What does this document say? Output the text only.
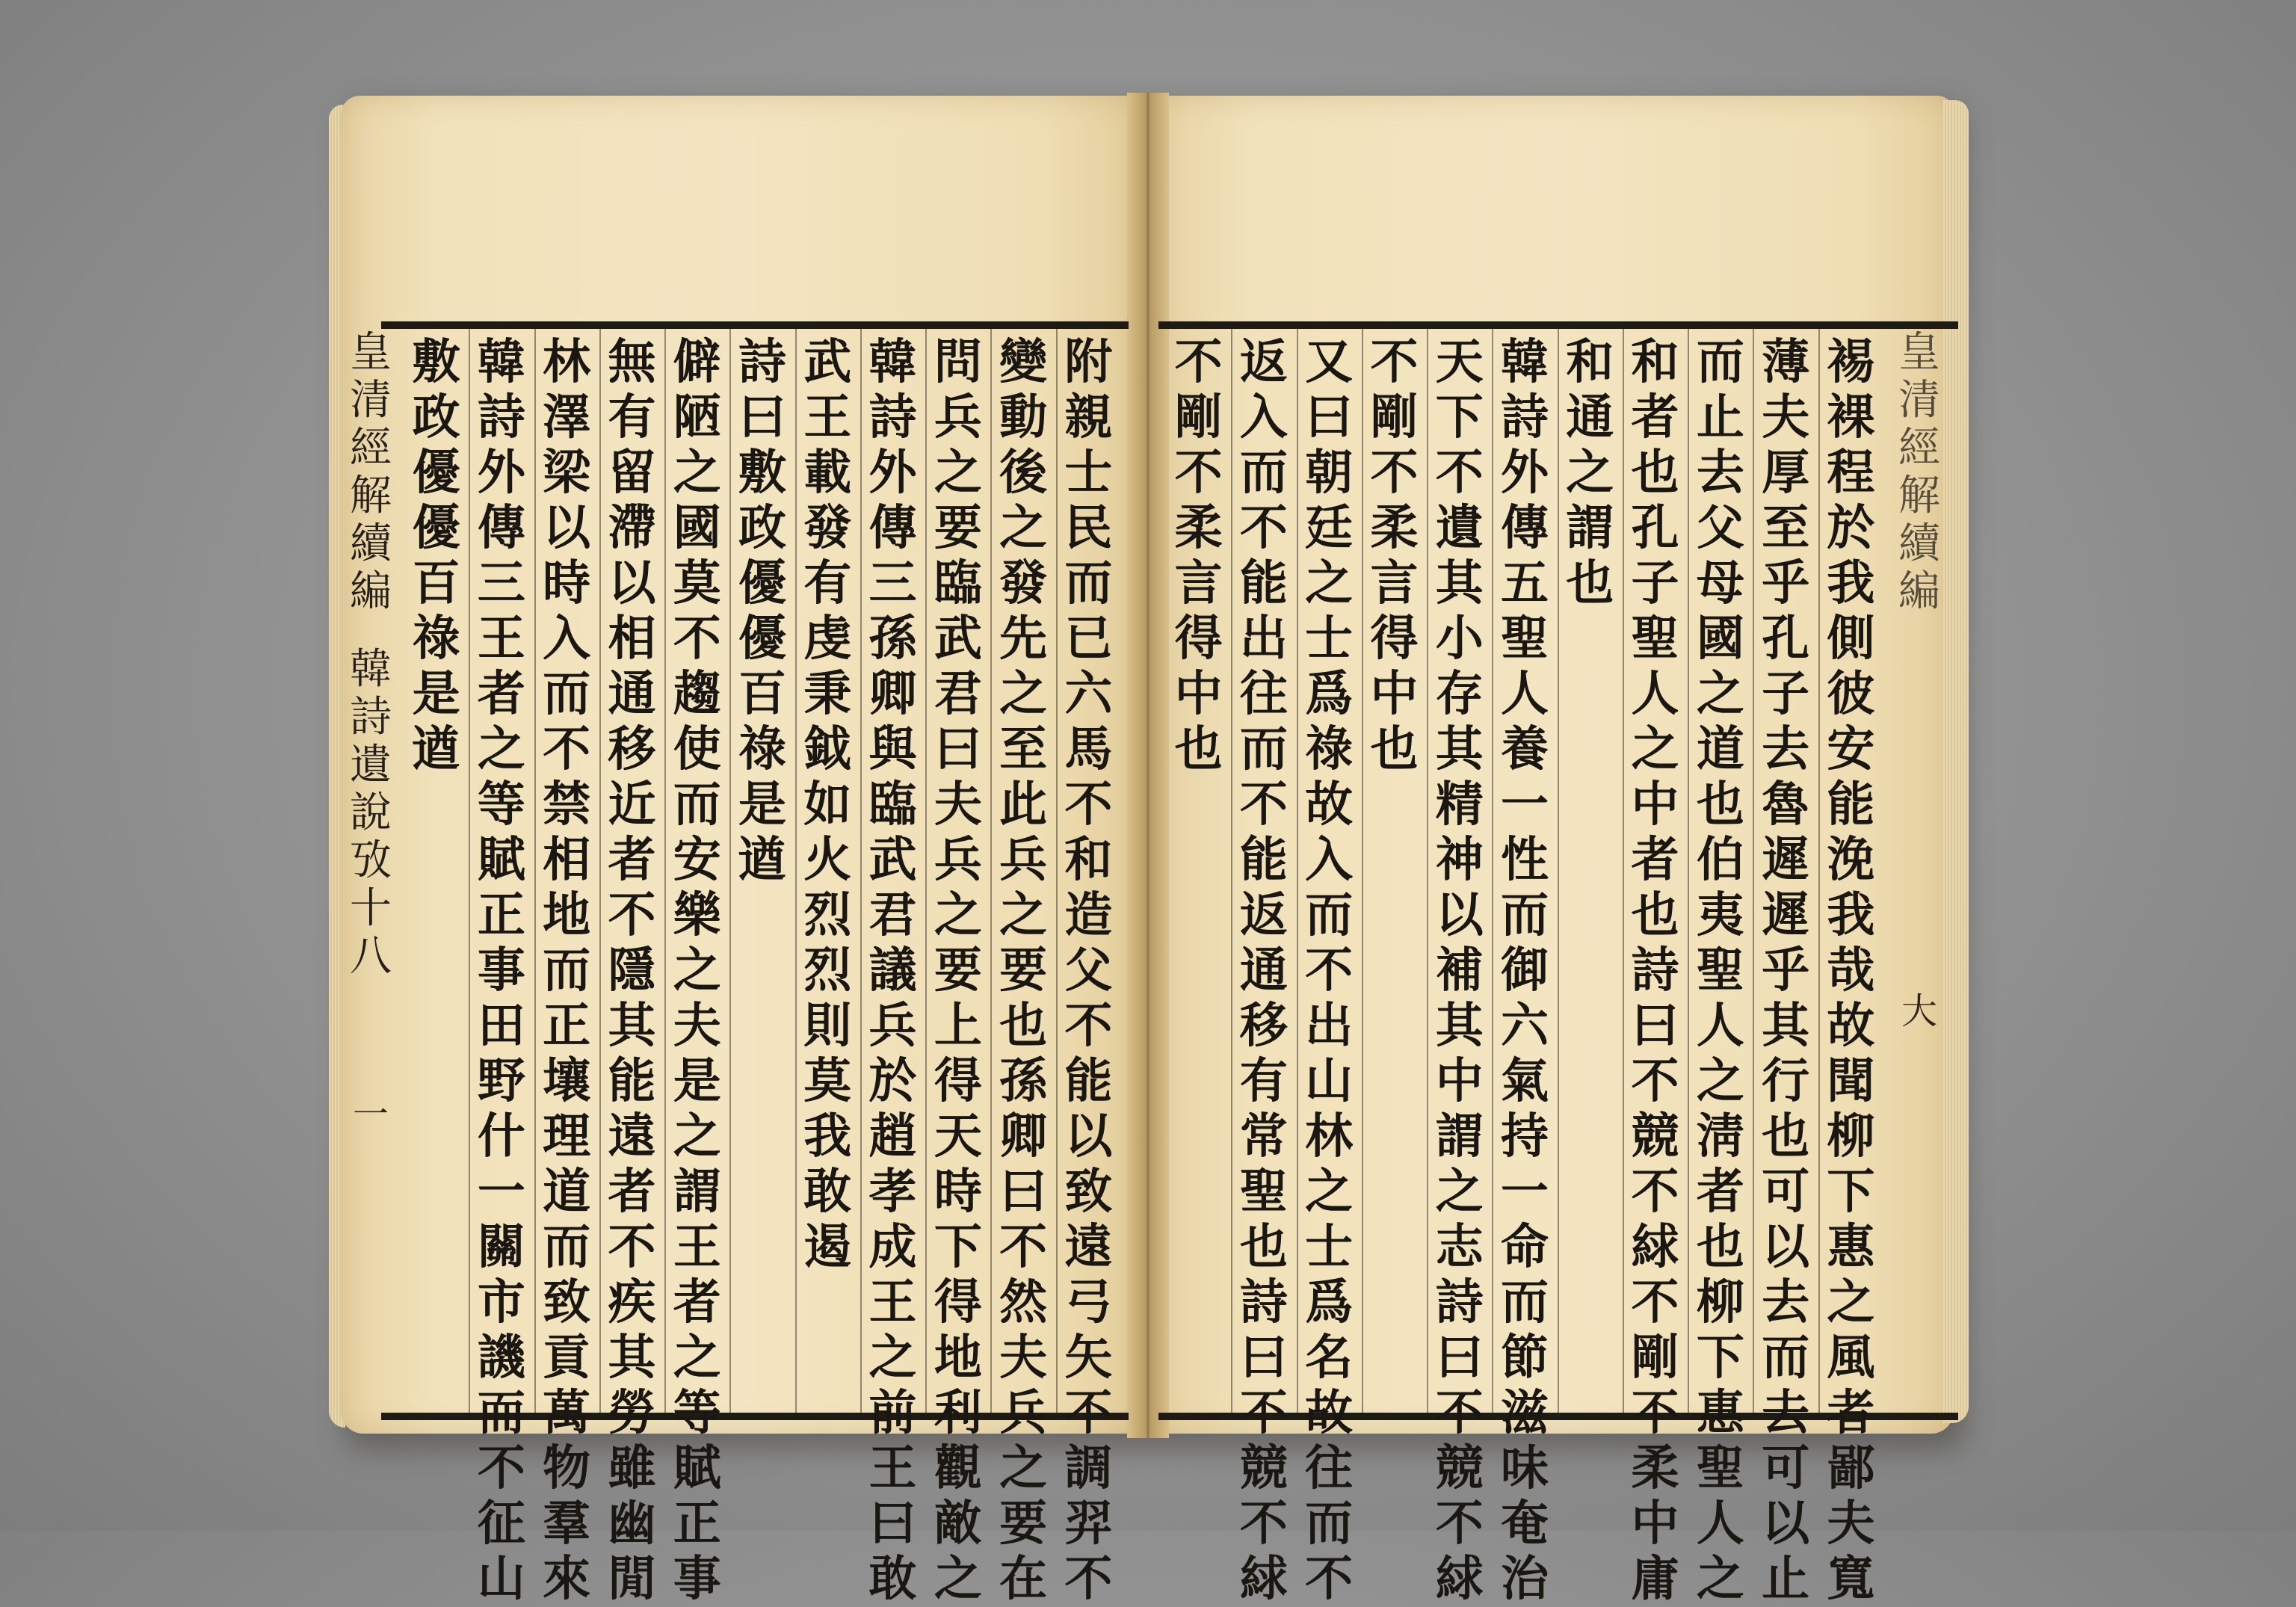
皇
清
經
解
續
編
韓
詩
遺
說
攷
十
八
一
皇
清
經
解
續
編
大
附
親
士
民
而
已
六
馬
不
和
造
父
不
能
以
致
遠
弓
矢
不
調
羿
不
變
動
後
之
發
先
之
至
此
兵
之
要
也
孫
卿
曰
不
然
夫
兵
之
要
在
問
兵
之
要
臨
武
君
曰
夫
兵
之
要
上
得
天
時
下
得
地
利
觀
敵
之
韓
詩
外
傳
三
孫
卿
與
臨
武
君
議
兵
於
趙
孝
成
王
之
前
王
曰
敢
武
王
載
發
有
虔
秉
鉞
如
火
烈
烈
則
莫
我
敢
遏
詩
曰
敷
政
優
優
百
祿
是
遒
僻
陋
之
國
莫
不
趨
使
而
安
樂
之
夫
是
之
謂
王
者
之
等
賦
正
事
無
有
留
滯
以
相
通
移
近
者
不
隱
其
能
遠
者
不
疾
其
勞
雖
幽
閒
林
澤
梁
以
時
入
而
不
禁
相
地
而
正
壤
理
道
而
致
貢
萬
物
羣
來
韓
詩
外
傳
三
王
者
之
等
賦
正
事
田
野
什
一
關
市
譏
而
不
征
山
敷
政
優
優
百
祿
是
遒
裼
裸
程
於
我
側
彼
安
能
浼
我
哉
故
聞
柳
下
惠
之
風
者
鄙
夫
寬
薄
夫
厚
至
乎
孔
子
去
魯
遲
遲
乎
其
行
也
可
以
去
而
去
可
以
止
而
止
去
父
母
國
之
道
也
伯
夷
聖
人
之
淸
者
也
柳
下
惠
聖
人
之
和
者
也
孔
子
聖
人
之
中
者
也
詩
曰
不
競
不
絿
不
剛
不
柔
中
庸
和
通
之
謂
也
韓
詩
外
傳
五
聖
人
養
一
性
而
御
六
氣
持
一
命
而
節
滋
味
奄
治
天
下
不
遺
其
小
存
其
精
神
以
補
其
中
謂
之
志
詩
曰
不
競
不
絿
不
剛
不
柔
言
得
中
也
又
曰
朝
廷
之
士
爲
祿
故
入
而
不
出
山
林
之
士
爲
名
故
往
而
不
返
入
而
不
能
出
往
而
不
能
返
通
移
有
常
聖
也
詩
曰
不
競
不
絿
不
剛
不
柔
言
得
中
也
